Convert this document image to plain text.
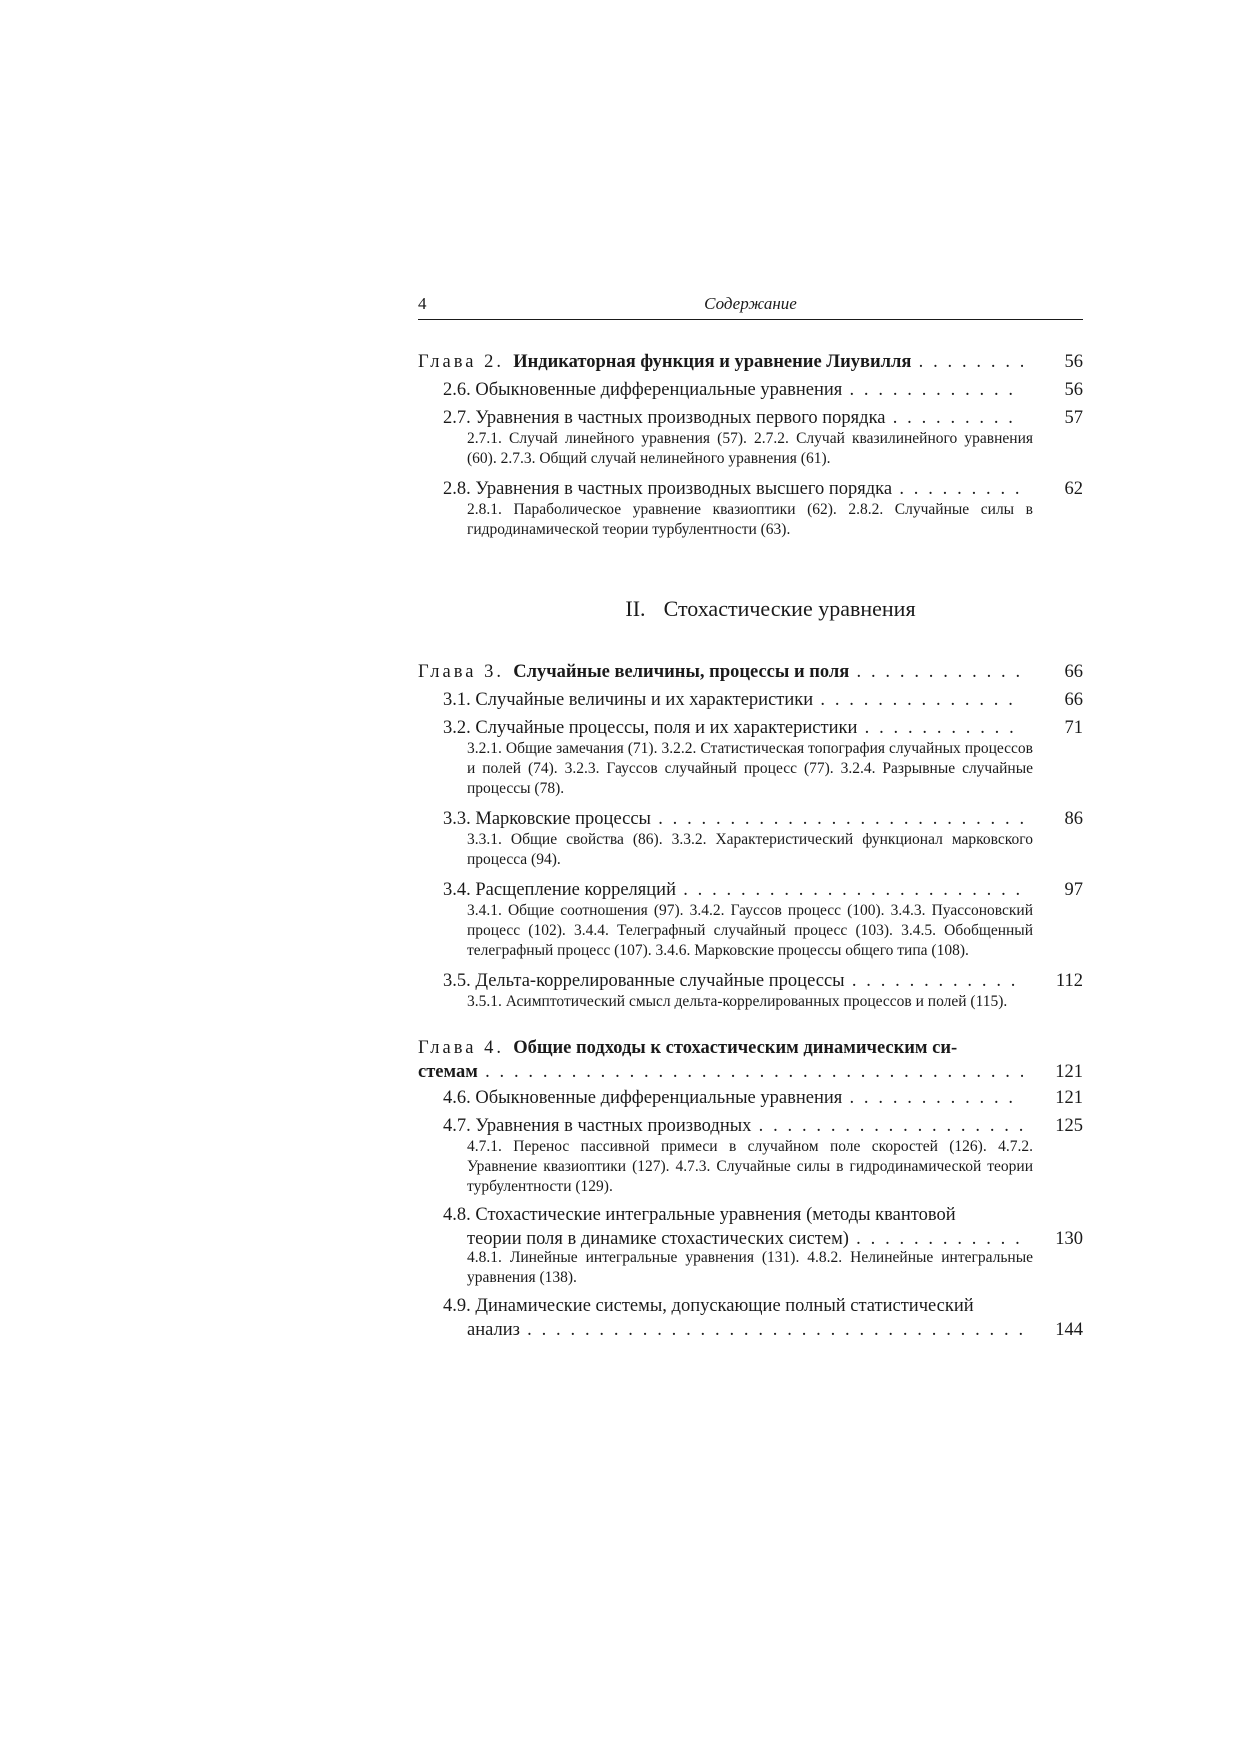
4	Содержание
Глава 2. Индикаторная функция и уравнение Лиувилля . . .	56
2.6. Обыкновенные дифференциальные уравнения . . .	56
2.7. Уравнения в частных производных первого порядка . . .	57
2.7.1. Случай линейного уравнения (57). 2.7.2. Случай квазилинейного уравнения (60). 2.7.3. Общий случай нелинейного уравнения (61).
2.8. Уравнения в частных производных высшего порядка . . .	62
2.8.1. Параболическое уравнение квазиоптики (62). 2.8.2. Случайные силы в гидродинамической теории турбулентности (63).
II. Стохастические уравнения
Глава 3. Случайные величины, процессы и поля . . .	66
3.1. Случайные величины и их характеристики . . .	66
3.2. Случайные процессы, поля и их характеристики . . .	71
3.2.1. Общие замечания (71). 3.2.2. Статистическая топография случайных процессов и полей (74). 3.2.3. Гауссов случайный процесс (77). 3.2.4. Разрывные случайные процессы (78).
3.3. Марковские процессы . . .	86
3.3.1. Общие свойства (86). 3.3.2. Характеристический функционал марковского процесса (94).
3.4. Расщепление корреляций . . .	97
3.4.1. Общие соотношения (97). 3.4.2. Гауссов процесс (100). 3.4.3. Пуассоновский процесс (102). 3.4.4. Телеграфный случайный процесс (103). 3.4.5. Обобщенный телеграфный процесс (107). 3.4.6. Марковские процессы общего типа (108).
3.5. Дельта-коррелированные случайные процессы . . .	112
3.5.1. Асимптотический смысл дельта-коррелированных процессов и полей (115).
Глава 4. Общие подходы к стохастическим динамическим си-
стемам . . .	121
4.6. Обыкновенные дифференциальные уравнения . . .	121
4.7. Уравнения в частных производных . . .	125
4.7.1. Перенос пассивной примеси в случайном поле скоростей (126). 4.7.2. Уравнение квазиоптики (127). 4.7.3. Случайные силы в гидродинамической теории турбулентности (129).
4.8. Стохастические интегральные уравнения (методы квантовой
теории поля в динамике стохастических систем) . . .	130
4.8.1. Линейные интегральные уравнения (131). 4.8.2. Нелинейные интегральные уравнения (138).
4.9. Динамические системы, допускающие полный статистический
анализ . . .	144
